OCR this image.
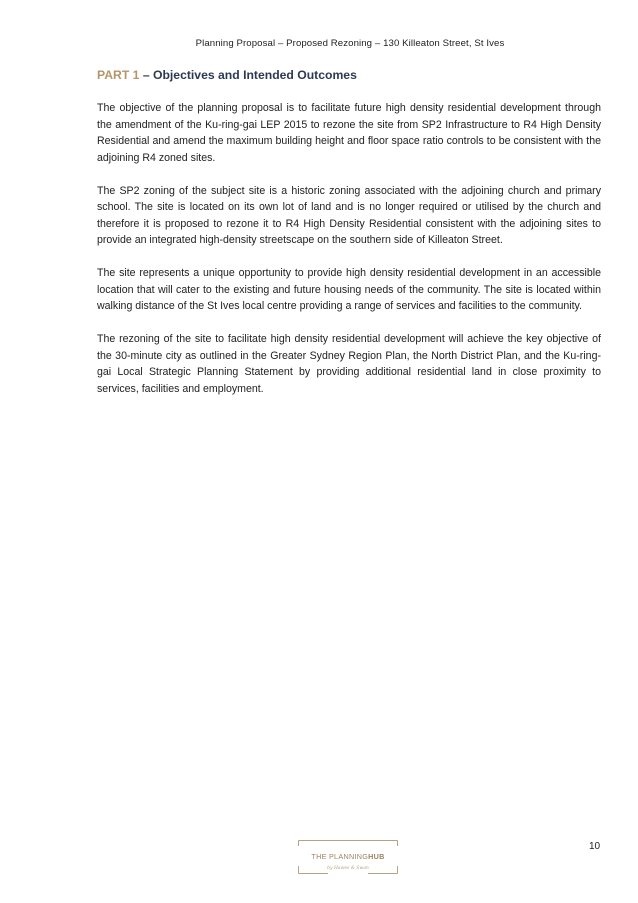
Planning Proposal – Proposed Rezoning – 130 Killeaton Street, St Ives
PART 1 – Objectives and Intended Outcomes

The objective of the planning proposal is to facilitate future high density residential development through the amendment of the Ku-ring-gai LEP 2015 to rezone the site from SP2 Infrastructure to R4 High Density Residential and amend the maximum building height and floor space ratio controls to be consistent with the adjoining R4 zoned sites.

The SP2 zoning of the subject site is a historic zoning associated with the adjoining church and primary school. The site is located on its own lot of land and is no longer required or utilised by the church and therefore it is proposed to rezone it to R4 High Density Residential consistent with the adjoining sites to provide an integrated high-density streetscape on the southern side of Killeaton Street.

The site represents a unique opportunity to provide high density residential development in an accessible location that will cater to the existing and future housing needs of the community. The site is located within walking distance of the St Ives local centre providing a range of services and facilities to the community.

The rezoning of the site to facilitate high density residential development will achieve the key objective of the 30-minute city as outlined in the Greater Sydney Region Plan, the North District Plan, and the Ku-ring-gai Local Strategic Planning Statement by providing additional residential land in close proximity to services, facilities and employment.

THE PLANNINGHUB
by Hawes & Swan
10
